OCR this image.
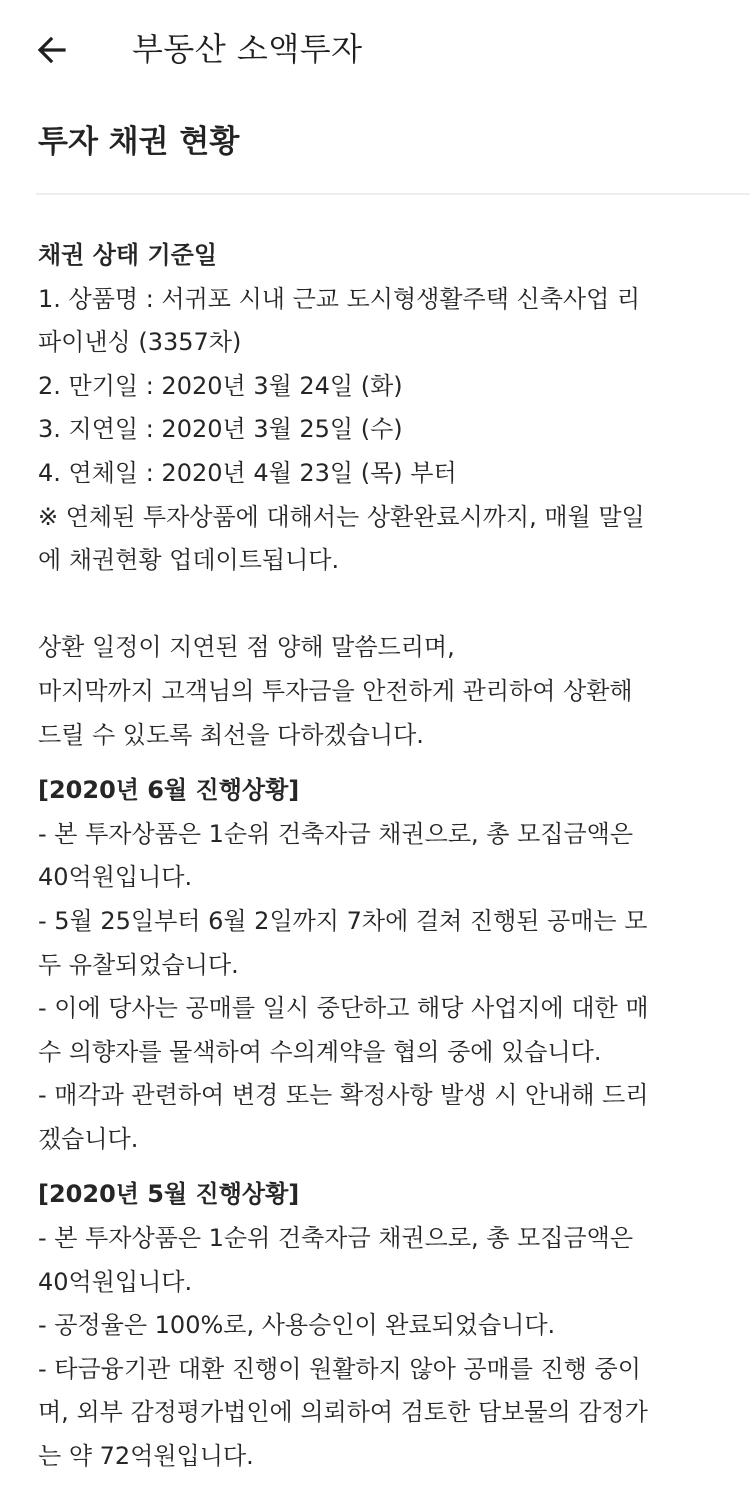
부동산 소액투자
투자 채권 현황

채권 상태 기준일

1. 상품명 : 서귀포 시내 근교 도시형생활주택 신축사업 리

파이낸싱 (3357차)

2. 만기일 : 2020년 3월 24일 (화)

3. 지연일 : 2020년 3월 25일 (수)

4. 연체일 : 2020년 4월 23일 (목) 부터

※ 연체된 투자상품에 대해서는 상환완료시까지, 매월 말일

에 채권현황 업데이트됩니다.

상환 일정이 지연된 점 양해 말씀드리며,

마지막까지 고객님의 투자금을 안전하게 관리하여 상환해

드릴 수 있도록 최선을 다하겠습니다.

[2020년 6월 진행상황]

- 본 투자상품은 1순위 건축자금 채권으로, 총 모집금액은

40억원입니다.

- 5월 25일부터 6월 2일까지 7차에 걸쳐 진행된 공매는 모

두 유찰되었습니다.

- 이에 당사는 공매를 일시 중단하고 해당 사업지에 대한 매

수 의향자를 물색하여 수의계약을 협의 중에 있습니다.

- 매각과 관련하여 변경 또는 확정사항 발생 시 안내해 드리

겠습니다.

[2020년 5월 진행상황]

- 본 투자상품은 1순위 건축자금 채권으로, 총 모집금액은

40억원입니다.

- 공정율은 100%로, 사용승인이 완료되었습니다.

- 타금융기관 대환 진행이 원활하지 않아 공매를 진행 중이

며, 외부 감정평가법인에 의뢰하여 검토한 담보물의 감정가

는 약 72억원입니다.
